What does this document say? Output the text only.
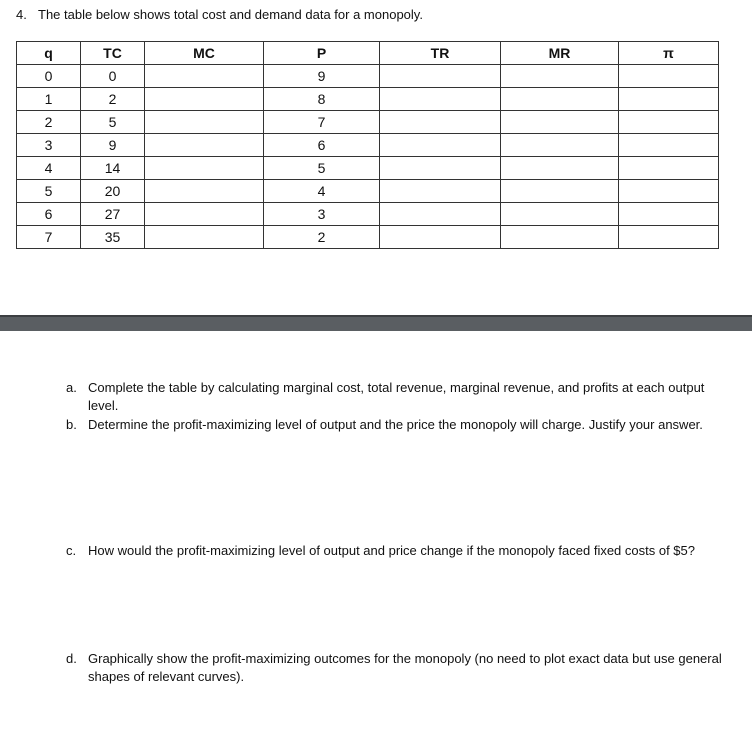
4. The table below shows total cost and demand data for a monopoly.
q	TC	MC	P	TR	MR	π
0	0		9			
1	2		8			
2	5		7			
3	9		6			
4	14		5			
5	20		4			
6	27		3			
7	35		2			
a. Complete the table by calculating marginal cost, total revenue, marginal revenue, and profits at each output level.
b. Determine the profit-maximizing level of output and the price the monopoly will charge. Justify your answer.
c. How would the profit-maximizing level of output and price change if the monopoly faced fixed costs of $5?
d. Graphically show the profit-maximizing outcomes for the monopoly (no need to plot exact data but use general shapes of relevant curves).
